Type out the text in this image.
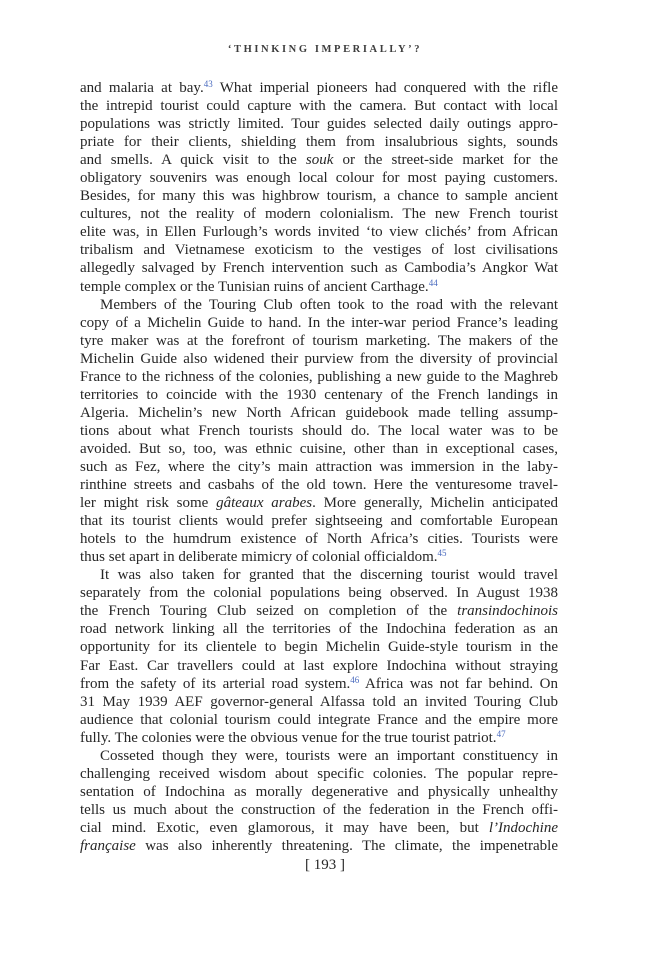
‘THINKING IMPERIALLY’?
and malaria at bay.$^{43}$ What imperial pioneers had conquered with the rifle
the intrepid tourist could capture with the camera. But contact with local
populations was strictly limited. Tour guides selected daily outings appro-
priate for their clients, shielding them from insalubrious sights, sounds
and smells. A quick visit to the souk or the street-side market for the
obligatory souvenirs was enough local colour for most paying customers.
Besides, for many this was highbrow tourism, a chance to sample ancient
cultures, not the reality of modern colonialism. The new French tourist
elite was, in Ellen Furlough’s words invited ‘to view clichés’ from African
tribalism and Vietnamese exoticism to the vestiges of lost civilisations
allegedly salvaged by French intervention such as Cambodia’s Angkor Wat
temple complex or the Tunisian ruins of ancient Carthage.$^{44}$
Members of the Touring Club often took to the road with the relevant
copy of a Michelin Guide to hand. In the inter-war period France’s leading
tyre maker was at the forefront of tourism marketing. The makers of the
Michelin Guide also widened their purview from the diversity of provincial
France to the richness of the colonies, publishing a new guide to the Maghreb
territories to coincide with the 1930 centenary of the French landings in
Algeria. Michelin’s new North African guidebook made telling assump-
tions about what French tourists should do. The local water was to be
avoided. But so, too, was ethnic cuisine, other than in exceptional cases,
such as Fez, where the city’s main attraction was immersion in the laby-
rinthine streets and casbahs of the old town. Here the venturesome travel-
ler might risk some gâteaux arabes. More generally, Michelin anticipated
that its tourist clients would prefer sightseeing and comfortable European
hotels to the humdrum existence of North Africa’s cities. Tourists were
thus set apart in deliberate mimicry of colonial officialdom.$^{45}$
It was also taken for granted that the discerning tourist would travel
separately from the colonial populations being observed. In August 1938
the French Touring Club seized on completion of the transindochinois
road network linking all the territories of the Indochina federation as an
opportunity for its clientele to begin Michelin Guide-style tourism in the
Far East. Car travellers could at last explore Indochina without straying
from the safety of its arterial road system.$^{46}$ Africa was not far behind. On
31 May 1939 AEF governor-general Alfassa told an invited Touring Club
audience that colonial tourism could integrate France and the empire more
fully. The colonies were the obvious venue for the true tourist patriot.$^{47}$
Cosseted though they were, tourists were an important constituency in
challenging received wisdom about specific colonies. The popular repre-
sentation of Indochina as morally degenerative and physically unhealthy
tells us much about the construction of the federation in the French offi-
cial mind. Exotic, even glamorous, it may have been, but l’Indochine
française was also inherently threatening. The climate, the impenetrable
[ 193 ]
